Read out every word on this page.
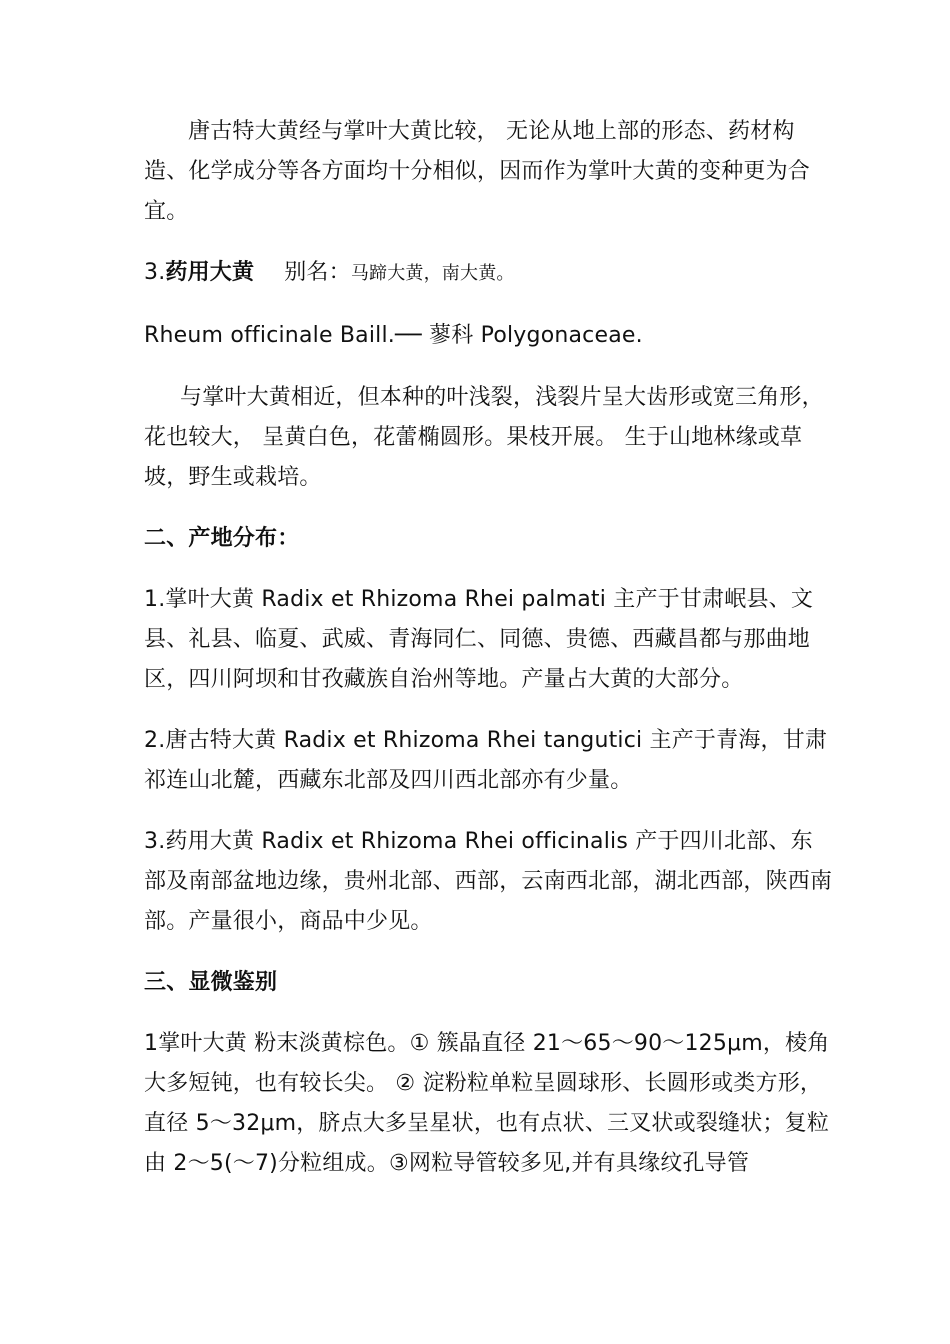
唐古特大黄经与掌叶大黄比较， 无论从地上部的形态、药材构造、化学成分等各方面均十分相似，因而作为掌叶大黄的变种更为合宜。

3.药用大黄 别名：马蹄大黄，南大黄。

Rheum officinale Baill.── 蓼科 Polygonaceae.

与掌叶大黄相近，但本种的叶浅裂，浅裂片呈大齿形或宽三角形，花也较大， 呈黄白色，花蕾椭圆形。果枝开展。 生于山地林缘或草坡，野生或栽培。

二、产地分布：

1.掌叶大黄 Radix et Rhizoma Rhei palmati 主产于甘肃岷县、文县、礼县、临夏、武威、青海同仁、同德、贵德、西藏昌都与那曲地区，四川阿坝和甘孜藏族自治州等地。产量占大黄的大部分。

2.唐古特大黄 Radix et Rhizoma Rhei tangutici 主产于青海，甘肃祁连山北麓，西藏东北部及四川西北部亦有少量。

3.药用大黄 Radix et Rhizoma Rhei officinalis 产于四川北部、东部及南部盆地边缘，贵州北部、西部，云南西北部，湖北西部，陕西南部。产量很小，商品中少见。

三、显微鉴别

1掌叶大黄 粉末淡黄棕色。① 簇晶直径 21～65～90～125μm，棱角大多短钝，也有较长尖。 ② 淀粉粒单粒呈圆球形、长圆形或类方形，直径 5～32μm，脐点大多呈星状，也有点状、三叉状或裂缝状；复粒由 2～5(～7)分粒组成。③网粒导管较多见,并有具缘纹孔导管
